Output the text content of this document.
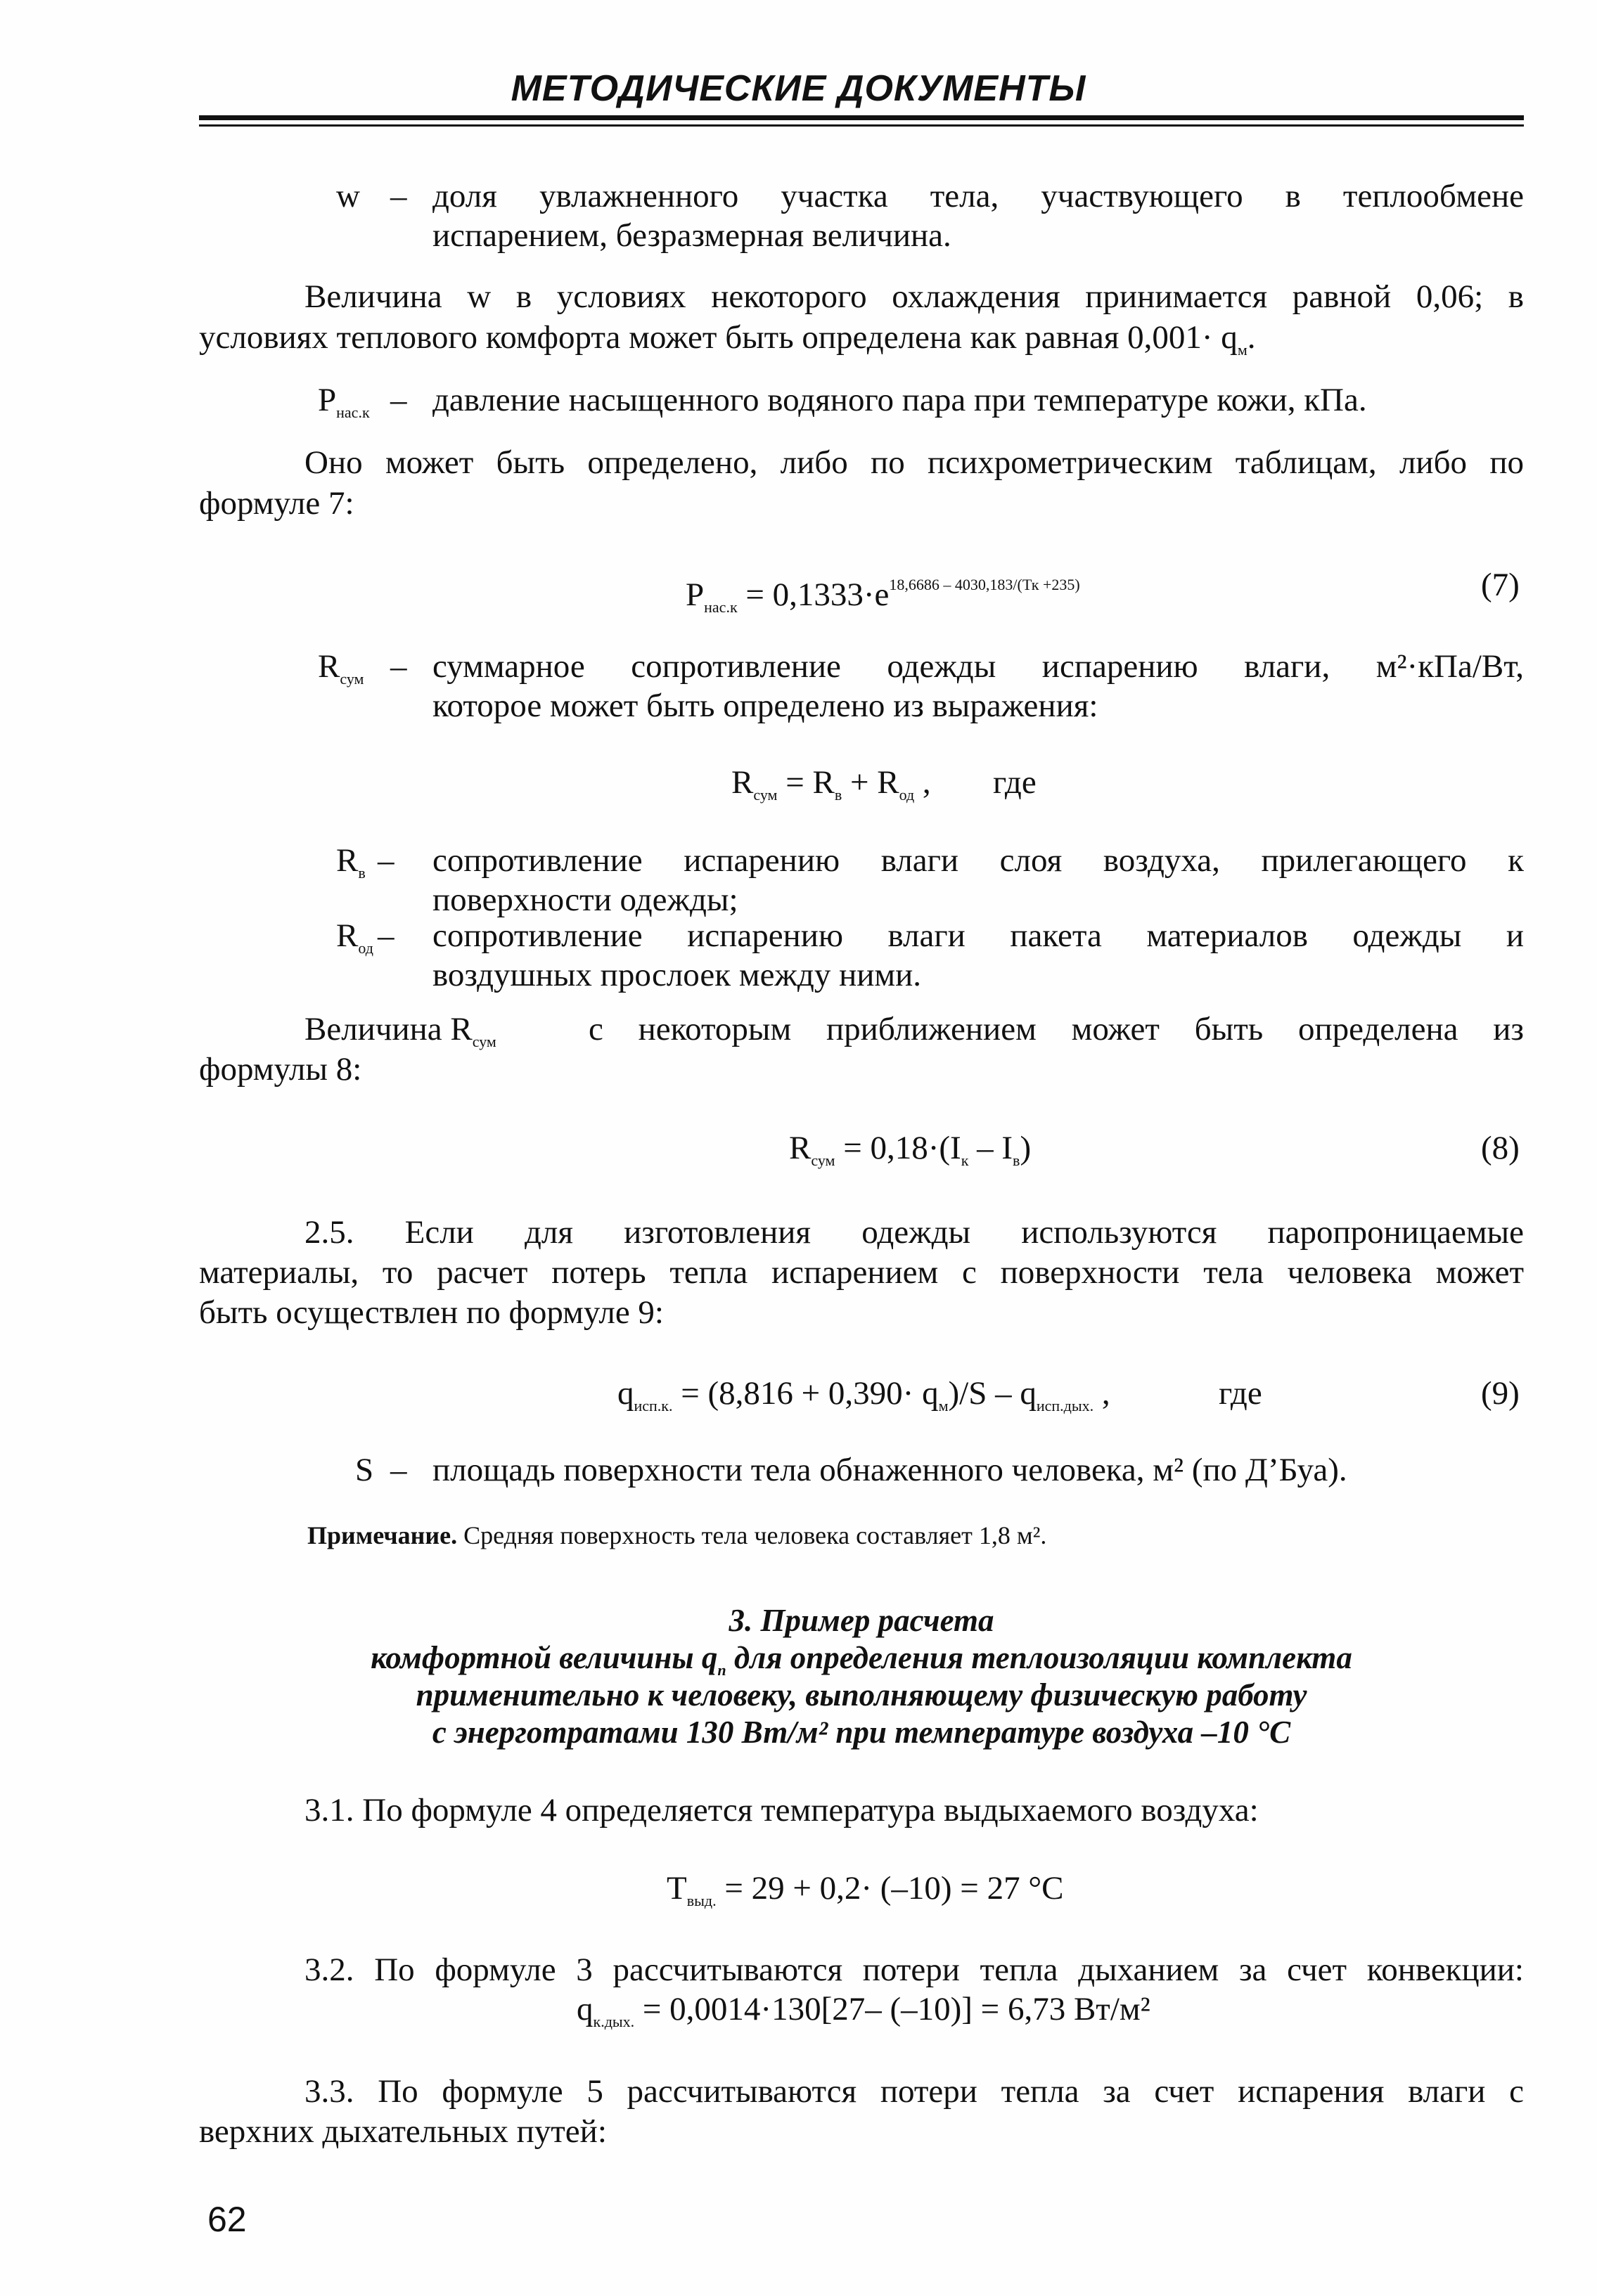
МЕТОДИЧЕСКИЕ ДОКУМЕНТЫ
w – доля увлажненного участка тела, участвующего в теплообмене
испарением, безразмерная величина.
Величина w в условиях некоторого охлаждения принимается равной 0,06; в
условиях теплового комфорта может быть определена как равная $0,001\cdot q_м$.
$P_{нас.к}$ – давление насыщенного водяного пара при температуре кожи, кПа.
Оно может быть определено, либо по психрометрическим таблицам, либо по
формуле 7:
$P_{нас.к} = 0,1333\cdot e^{18,6686 - 4030,183/(Тк +235)}$	(7)
$R_{сум}$ – суммарное сопротивление одежды испарению влаги, м²·кПа/Вт,
которое может быть определено из выражения:
$R_{сум} = R_в + R_{од}$ , где
$R_в$ – сопротивление испарению влаги слоя воздуха, прилегающего к
поверхности одежды;
$R_{од}$ – сопротивление испарению влаги пакета материалов одежды и
воздушных прослоек между ними.
Величина $R_{сум}$	с некоторым приближением может быть определена из
формулы 8:
$R_{сум} = 0,18\cdot(I_к - I_в)$	(8)
2.5. Если для изготовления одежды используются паропроницаемые
материалы, то расчет потерь тепла испарением с поверхности тела человека может
быть осуществлен по формуле 9:
$q_{исп.к.} = (8,816 + 0,390\cdot q_м)/S - q_{исп.дых.}$ ,	где	(9)
S – площадь поверхности тела обнаженного человека, м² (по Д’Буа).
Примечание. Средняя поверхность тела человека составляет 1,8 м².
3. Пример расчета
комфортной величины $q_п$ для определения теплоизоляции комплекта
применительно к человеку, выполняющему физическую работу
с энерготратами 130 Вт/м² при температуре воздуха –10 °С
3.1. По формуле 4 определяется температура выдыхаемого воздуха:
$T_{выд.} = 29 + 0,2\cdot (-10) = 27$ °С
3.2. По формуле 3 рассчитываются потери тепла дыханием за счет конвекции:
$q_{к.дых.} = 0,0014\cdot 130[27-$ (–10)] = 6,73 Вт/м²
3.3. По формуле 5 рассчитываются потери тепла за счет испарения влаги с
верхних дыхательных путей:
62
